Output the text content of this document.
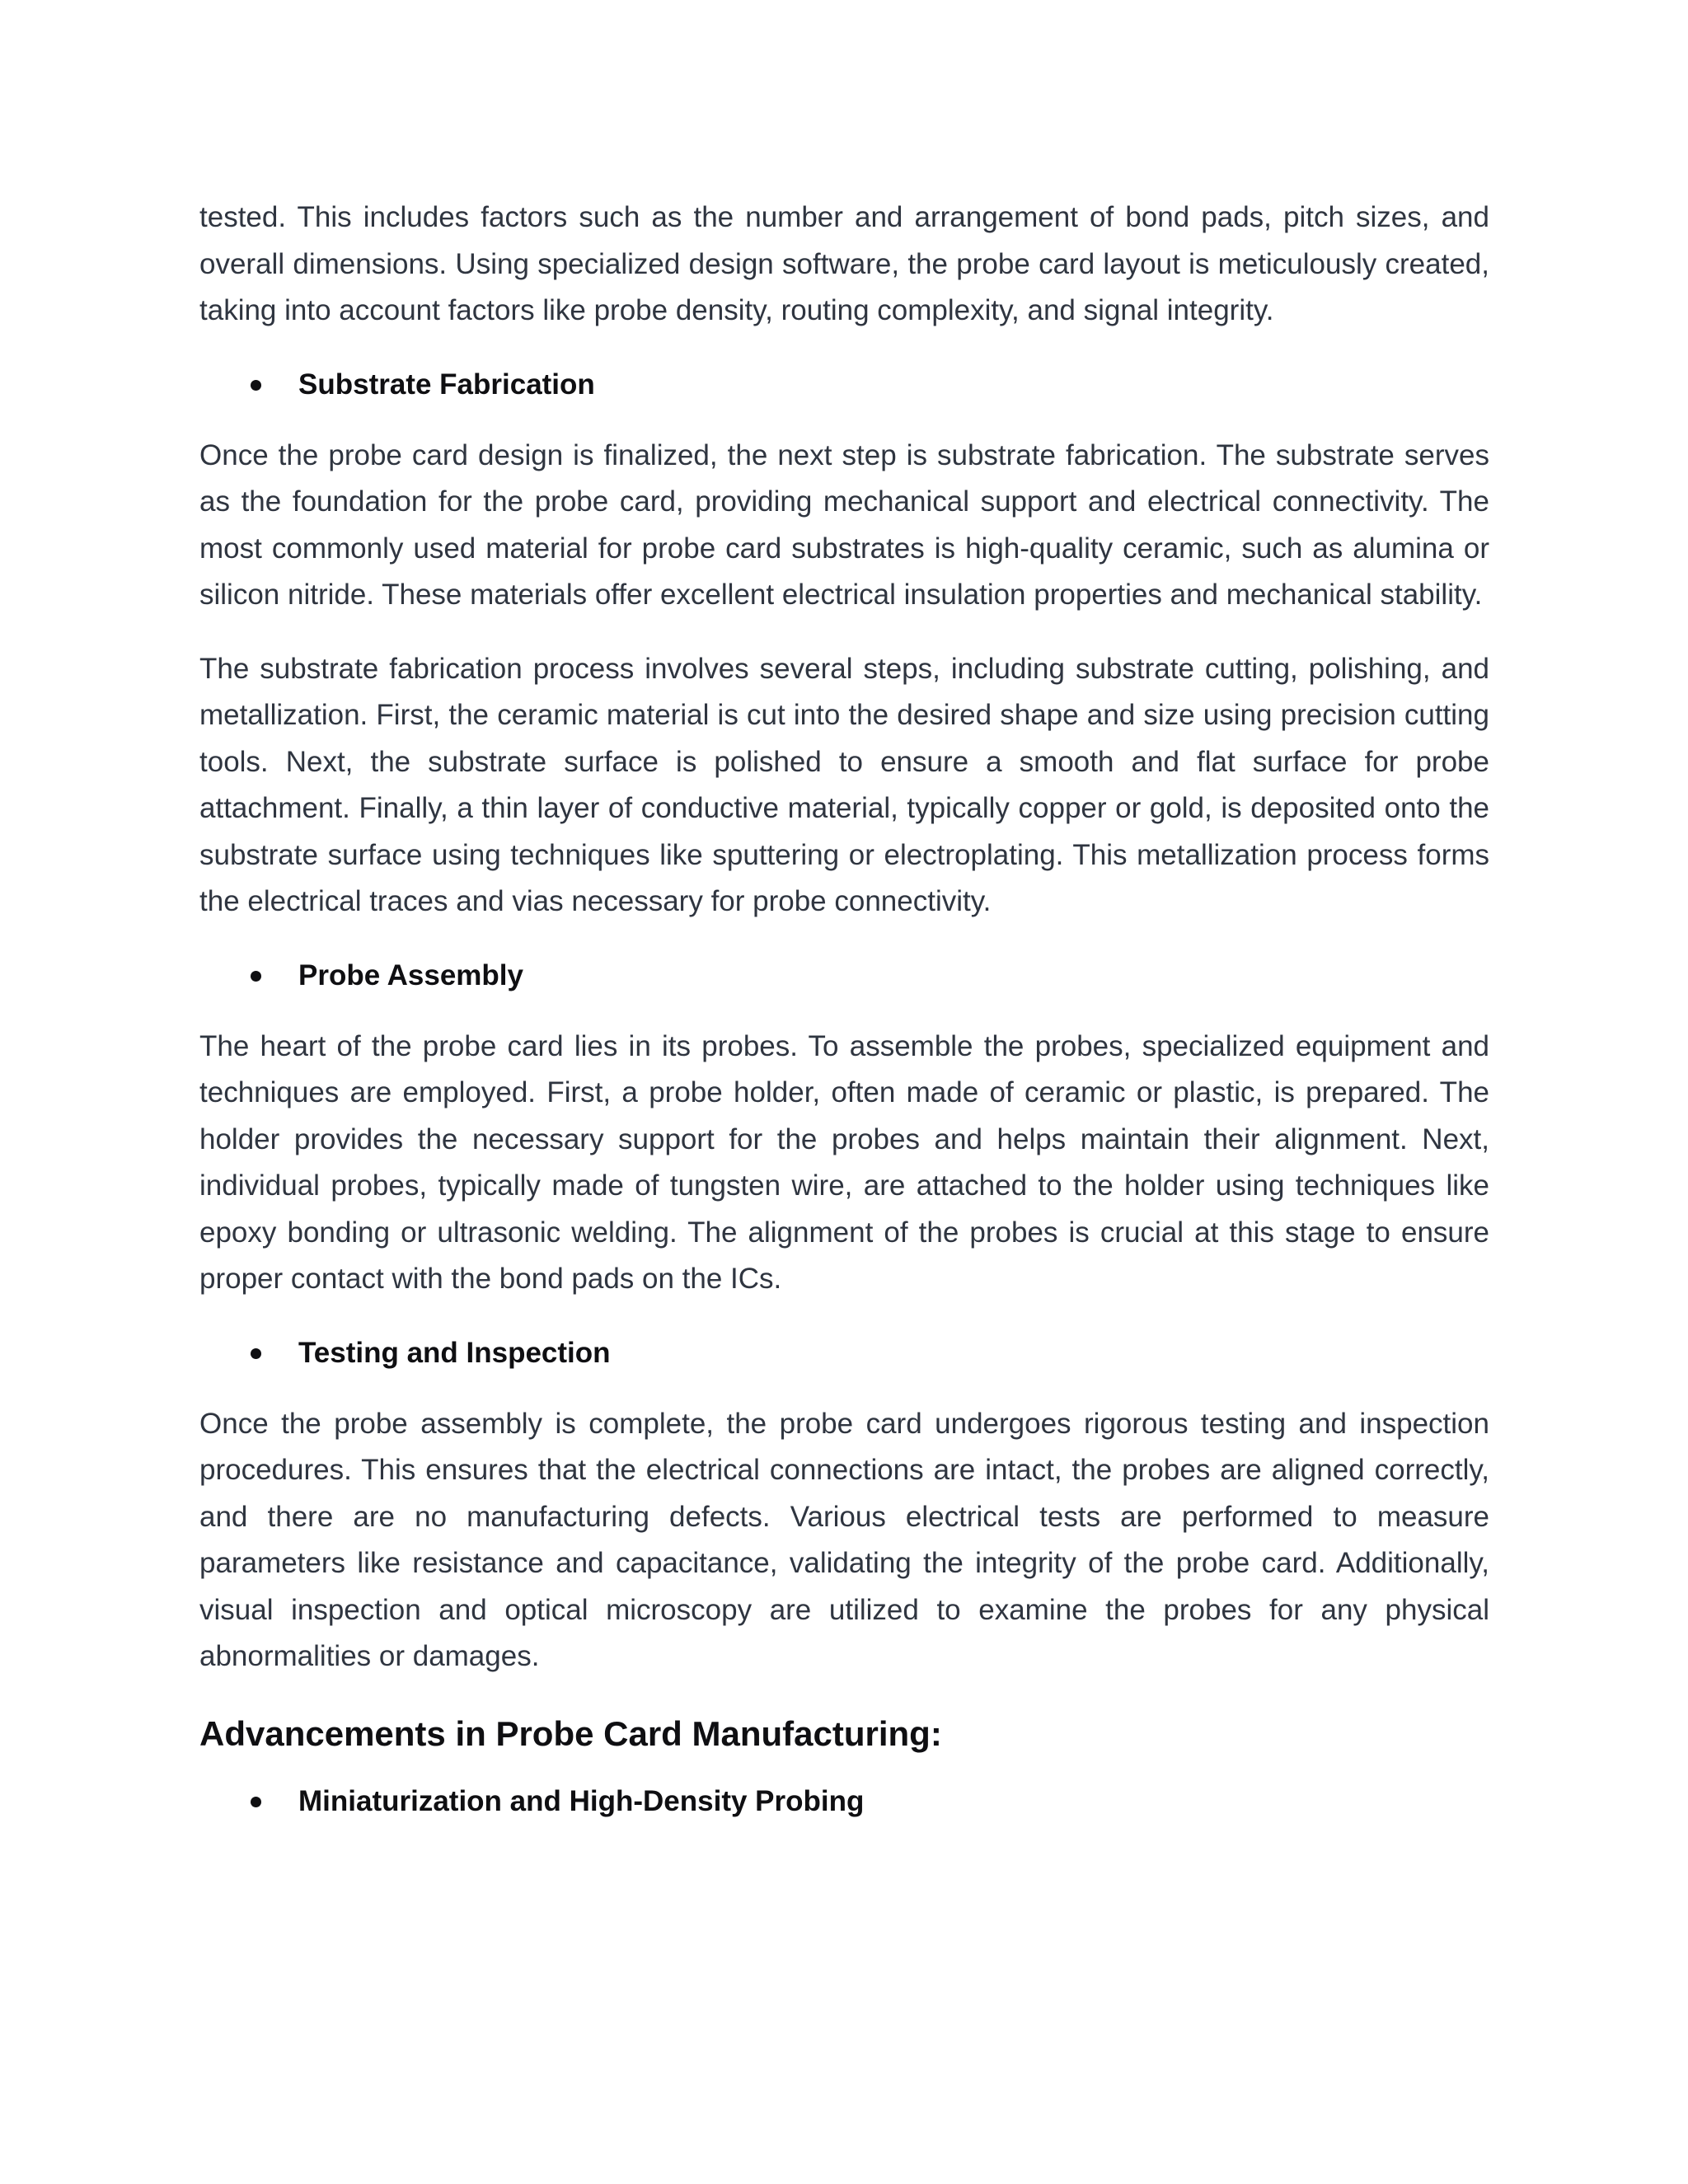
tested. This includes factors such as the number and arrangement of bond pads, pitch sizes, and overall dimensions. Using specialized design software, the probe card layout is meticulously created, taking into account factors like probe density, routing complexity, and signal integrity.

Substrate Fabrication

Once the probe card design is finalized, the next step is substrate fabrication. The substrate serves as the foundation for the probe card, providing mechanical support and electrical connectivity. The most commonly used material for probe card substrates is high-quality ceramic, such as alumina or silicon nitride. These materials offer excellent electrical insulation properties and mechanical stability.

The substrate fabrication process involves several steps, including substrate cutting, polishing, and metallization. First, the ceramic material is cut into the desired shape and size using precision cutting tools. Next, the substrate surface is polished to ensure a smooth and flat surface for probe attachment. Finally, a thin layer of conductive material, typically copper or gold, is deposited onto the substrate surface using techniques like sputtering or electroplating. This metallization process forms the electrical traces and vias necessary for probe connectivity.

Probe Assembly

The heart of the probe card lies in its probes. To assemble the probes, specialized equipment and techniques are employed. First, a probe holder, often made of ceramic or plastic, is prepared. The holder provides the necessary support for the probes and helps maintain their alignment. Next, individual probes, typically made of tungsten wire, are attached to the holder using techniques like epoxy bonding or ultrasonic welding. The alignment of the probes is crucial at this stage to ensure proper contact with the bond pads on the ICs.

Testing and Inspection

Once the probe assembly is complete, the probe card undergoes rigorous testing and inspection procedures. This ensures that the electrical connections are intact, the probes are aligned correctly, and there are no manufacturing defects. Various electrical tests are performed to measure parameters like resistance and capacitance, validating the integrity of the probe card. Additionally, visual inspection and optical microscopy are utilized to examine the probes for any physical abnormalities or damages.

Advancements in Probe Card Manufacturing:
Miniaturization and High-Density Probing
